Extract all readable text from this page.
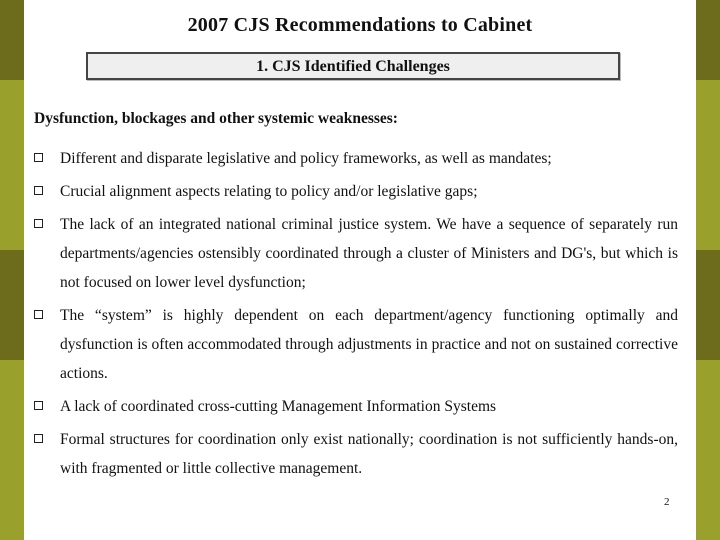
2007 CJS Recommendations to Cabinet
1. CJS Identified Challenges
Dysfunction, blockages and other systemic weaknesses:
Different and disparate legislative and policy frameworks, as well as mandates;
Crucial alignment aspects relating to policy and/or legislative gaps;
The lack of an integrated national criminal justice system. We have a sequence of separately run departments/agencies ostensibly coordinated through a cluster of Ministers and DG's, but which is not focused on lower level dysfunction;
The “system” is highly dependent on each department/agency functioning optimally and dysfunction is often accommodated through adjustments in practice and not on sustained corrective actions.
A lack of coordinated cross-cutting Management Information Systems
Formal structures for coordination only exist nationally; coordination is not sufficiently hands-on, with fragmented or little collective management.
2
